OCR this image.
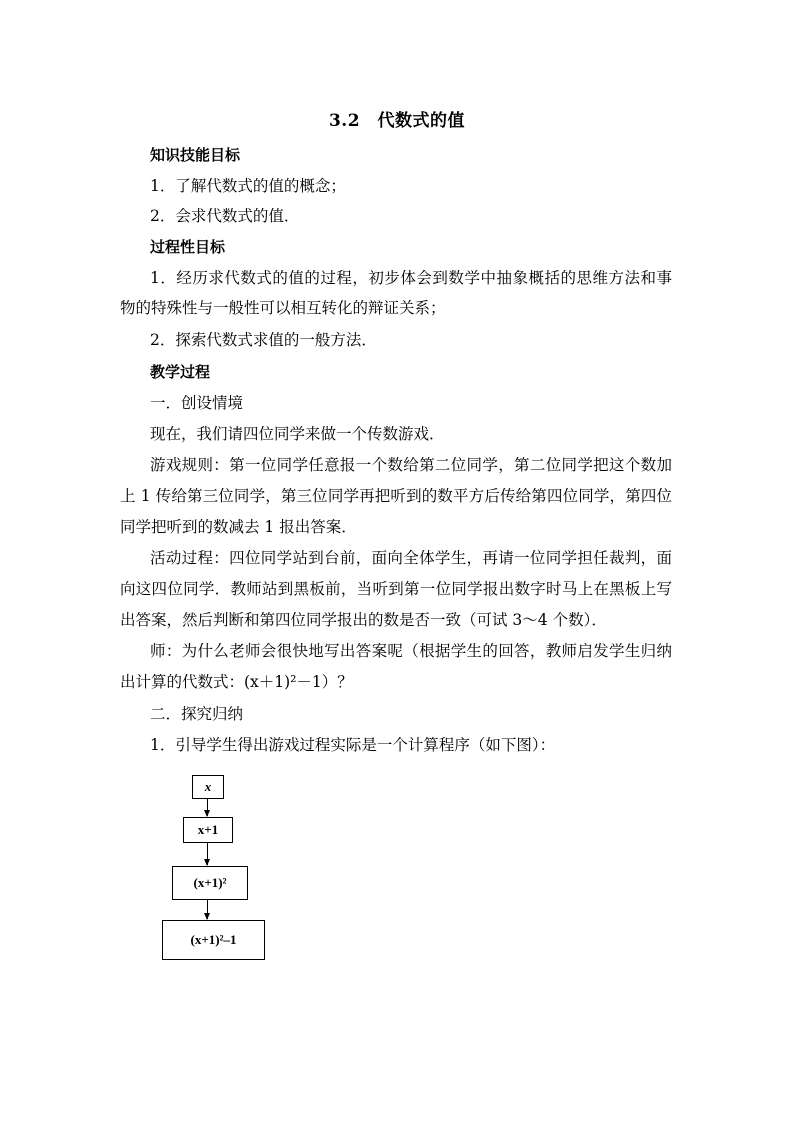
3.2　代数式的值
知识技能目标
1．了解代数式的值的概念；
2．会求代数式的值．
过程性目标
1．经历求代数式的值的过程，初步体会到数学中抽象概括的思维方法和事
物的特殊性与一般性可以相互转化的辩证关系；
2．探索代数式求值的一般方法．
教学过程
一．创设情境
现在，我们请四位同学来做一个传数游戏．
游戏规则：第一位同学任意报一个数给第二位同学，第二位同学把这个数加
上 1 传给第三位同学，第三位同学再把听到的数平方后传给第四位同学，第四位
同学把听到的数减去 1 报出答案．
活动过程：四位同学站到台前，面向全体学生，再请一位同学担任裁判，面
向这四位同学．教师站到黑板前，当听到第一位同学报出数字时马上在黑板上写
出答案，然后判断和第四位同学报出的数是否一致（可试 3～4 个数）．
师：为什么老师会很快地写出答案呢（根据学生的回答，教师启发学生归纳
出计算的代数式：(x＋1)²－1）？
二．探究归纳
1．引导学生得出游戏过程实际是一个计算程序（如下图）：
x
x+1
(x+1)²
(x+1)²–1
